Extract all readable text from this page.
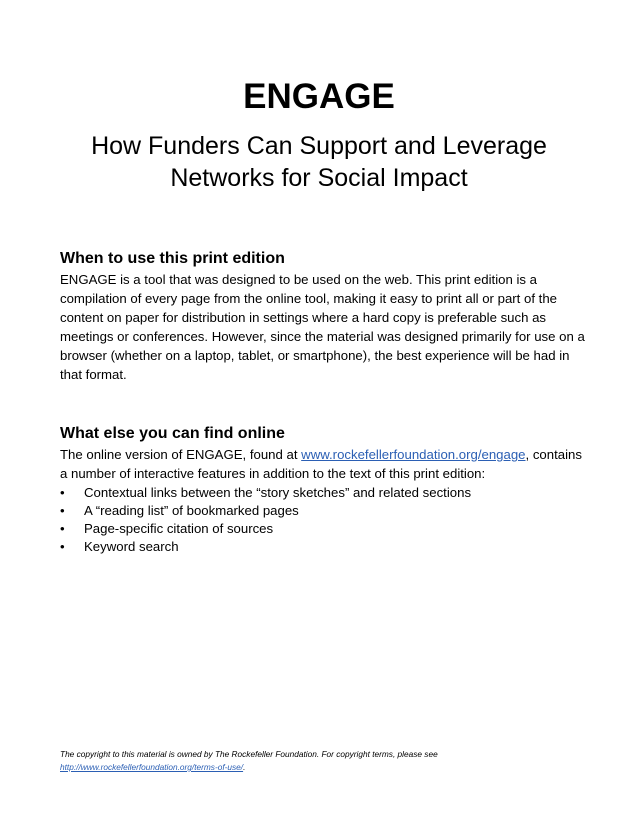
ENGAGE
How Funders Can Support and Leverage Networks for Social Impact
When to use this print edition

ENGAGE is a tool that was designed to be used on the web. This print edition is a compilation of every page from the online tool, making it easy to print all or part of the content on paper for distribution in settings where a hard copy is preferable such as meetings or conferences. However, since the material was designed primarily for use on a browser (whether on a laptop, tablet, or smartphone), the best experience will be had in that format.

What else you can find online

The online version of ENGAGE, found at www.rockefellerfoundation.org/engage, contains a number of interactive features in addition to the text of this print edition:

• Contextual links between the “story sketches” and related sections
• A “reading list” of bookmarked pages
• Page-specific citation of sources
• Keyword search
The copyright to this material is owned by The Rockefeller Foundation. For copyright terms, please see
http://www.rockefellerfoundation.org/terms-of-use/.
